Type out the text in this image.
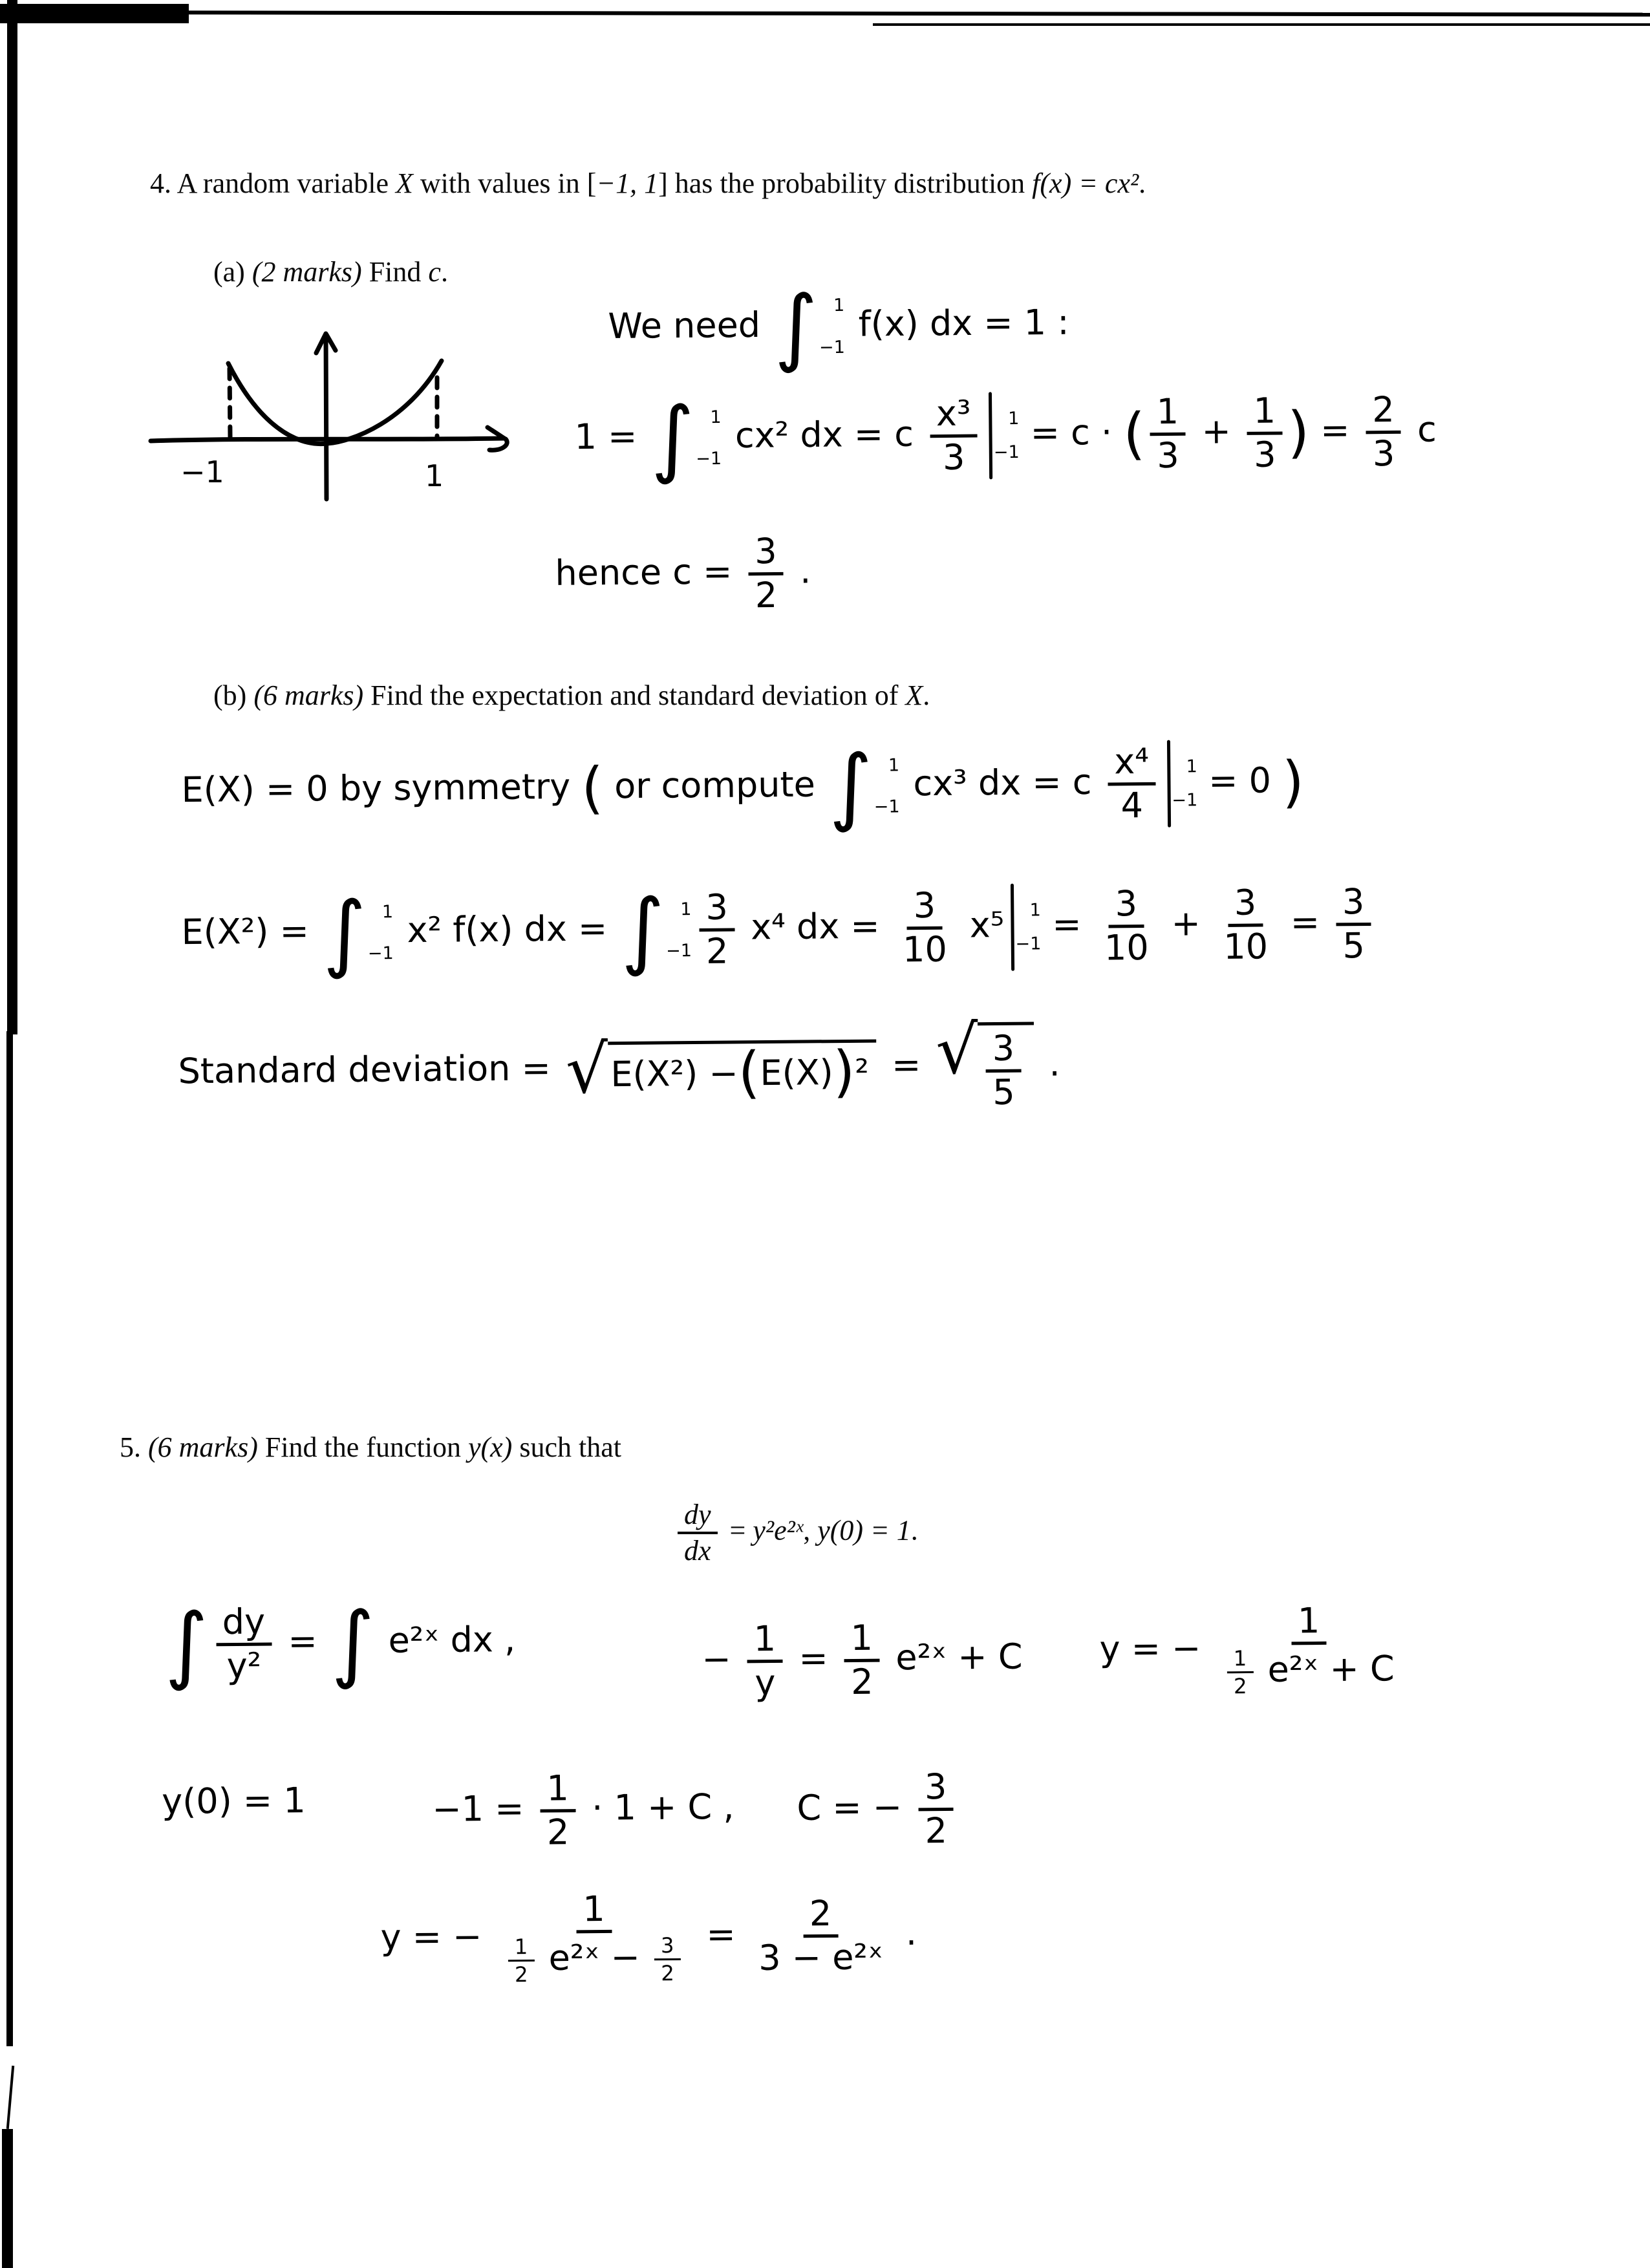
4. A random variable X with values in [−1, 1] has the probability distribution f(x) = cx².
(a) (2 marks) Find c.
−1	1
We need ∫ 1
−1
f(x) dx = 1 :
1 = ∫ 1
−1
cx² dx = c $\frac{\text{x³}}{3} 1$
−1 = c · ( $\frac{1}{3} + \frac{1}{3}$ ) = $\frac{2}{3}$ c
hence $c = \frac{3}{2}$ .
(b) (6 marks) Find the expectation and standard deviation of X.
E(X) = 0 by symmetry ( or compute ∫ 1
−1
cx³ dx = c $\frac{\text{x⁴}}{4} 1$
−1 = 0 )
E(X²) = ∫ 1
−1
x² f(x) dx = ∫ 1
$-1 \frac{3}{2} x^4$ dx = $\frac{3}{10} x^5$ 1
$-1 = \frac{3}{10} + \frac{3}{10} = \frac{3}{5}$
Standard deviation = √ E(X²) − ( E(X) ) ² = √ $\frac{3}{5}$ .
5. (6 marks) Find the function y(x) such that
$\frac{dy}{dx}$ = y²e²ˣ, y(0) = 1.
∫ $\frac{dy}{\text{y²}}$ = ∫ e²ˣ dx ,	− $\frac{1}{y} = \frac{1}{2}$ e²ˣ + C y = − $\frac{1}{\frac{1}{2} e^2ˣ + C}$
y(0) = 1	$-1 = \frac{1}{2} \cdot 1 + C$ , C = − $\frac{3}{2}$
y = − $\frac{1}{\frac{1}{2} e^2ˣ - \frac{3}{2}} = \frac{2}{\text{3 − e²ˣ}}$ .
